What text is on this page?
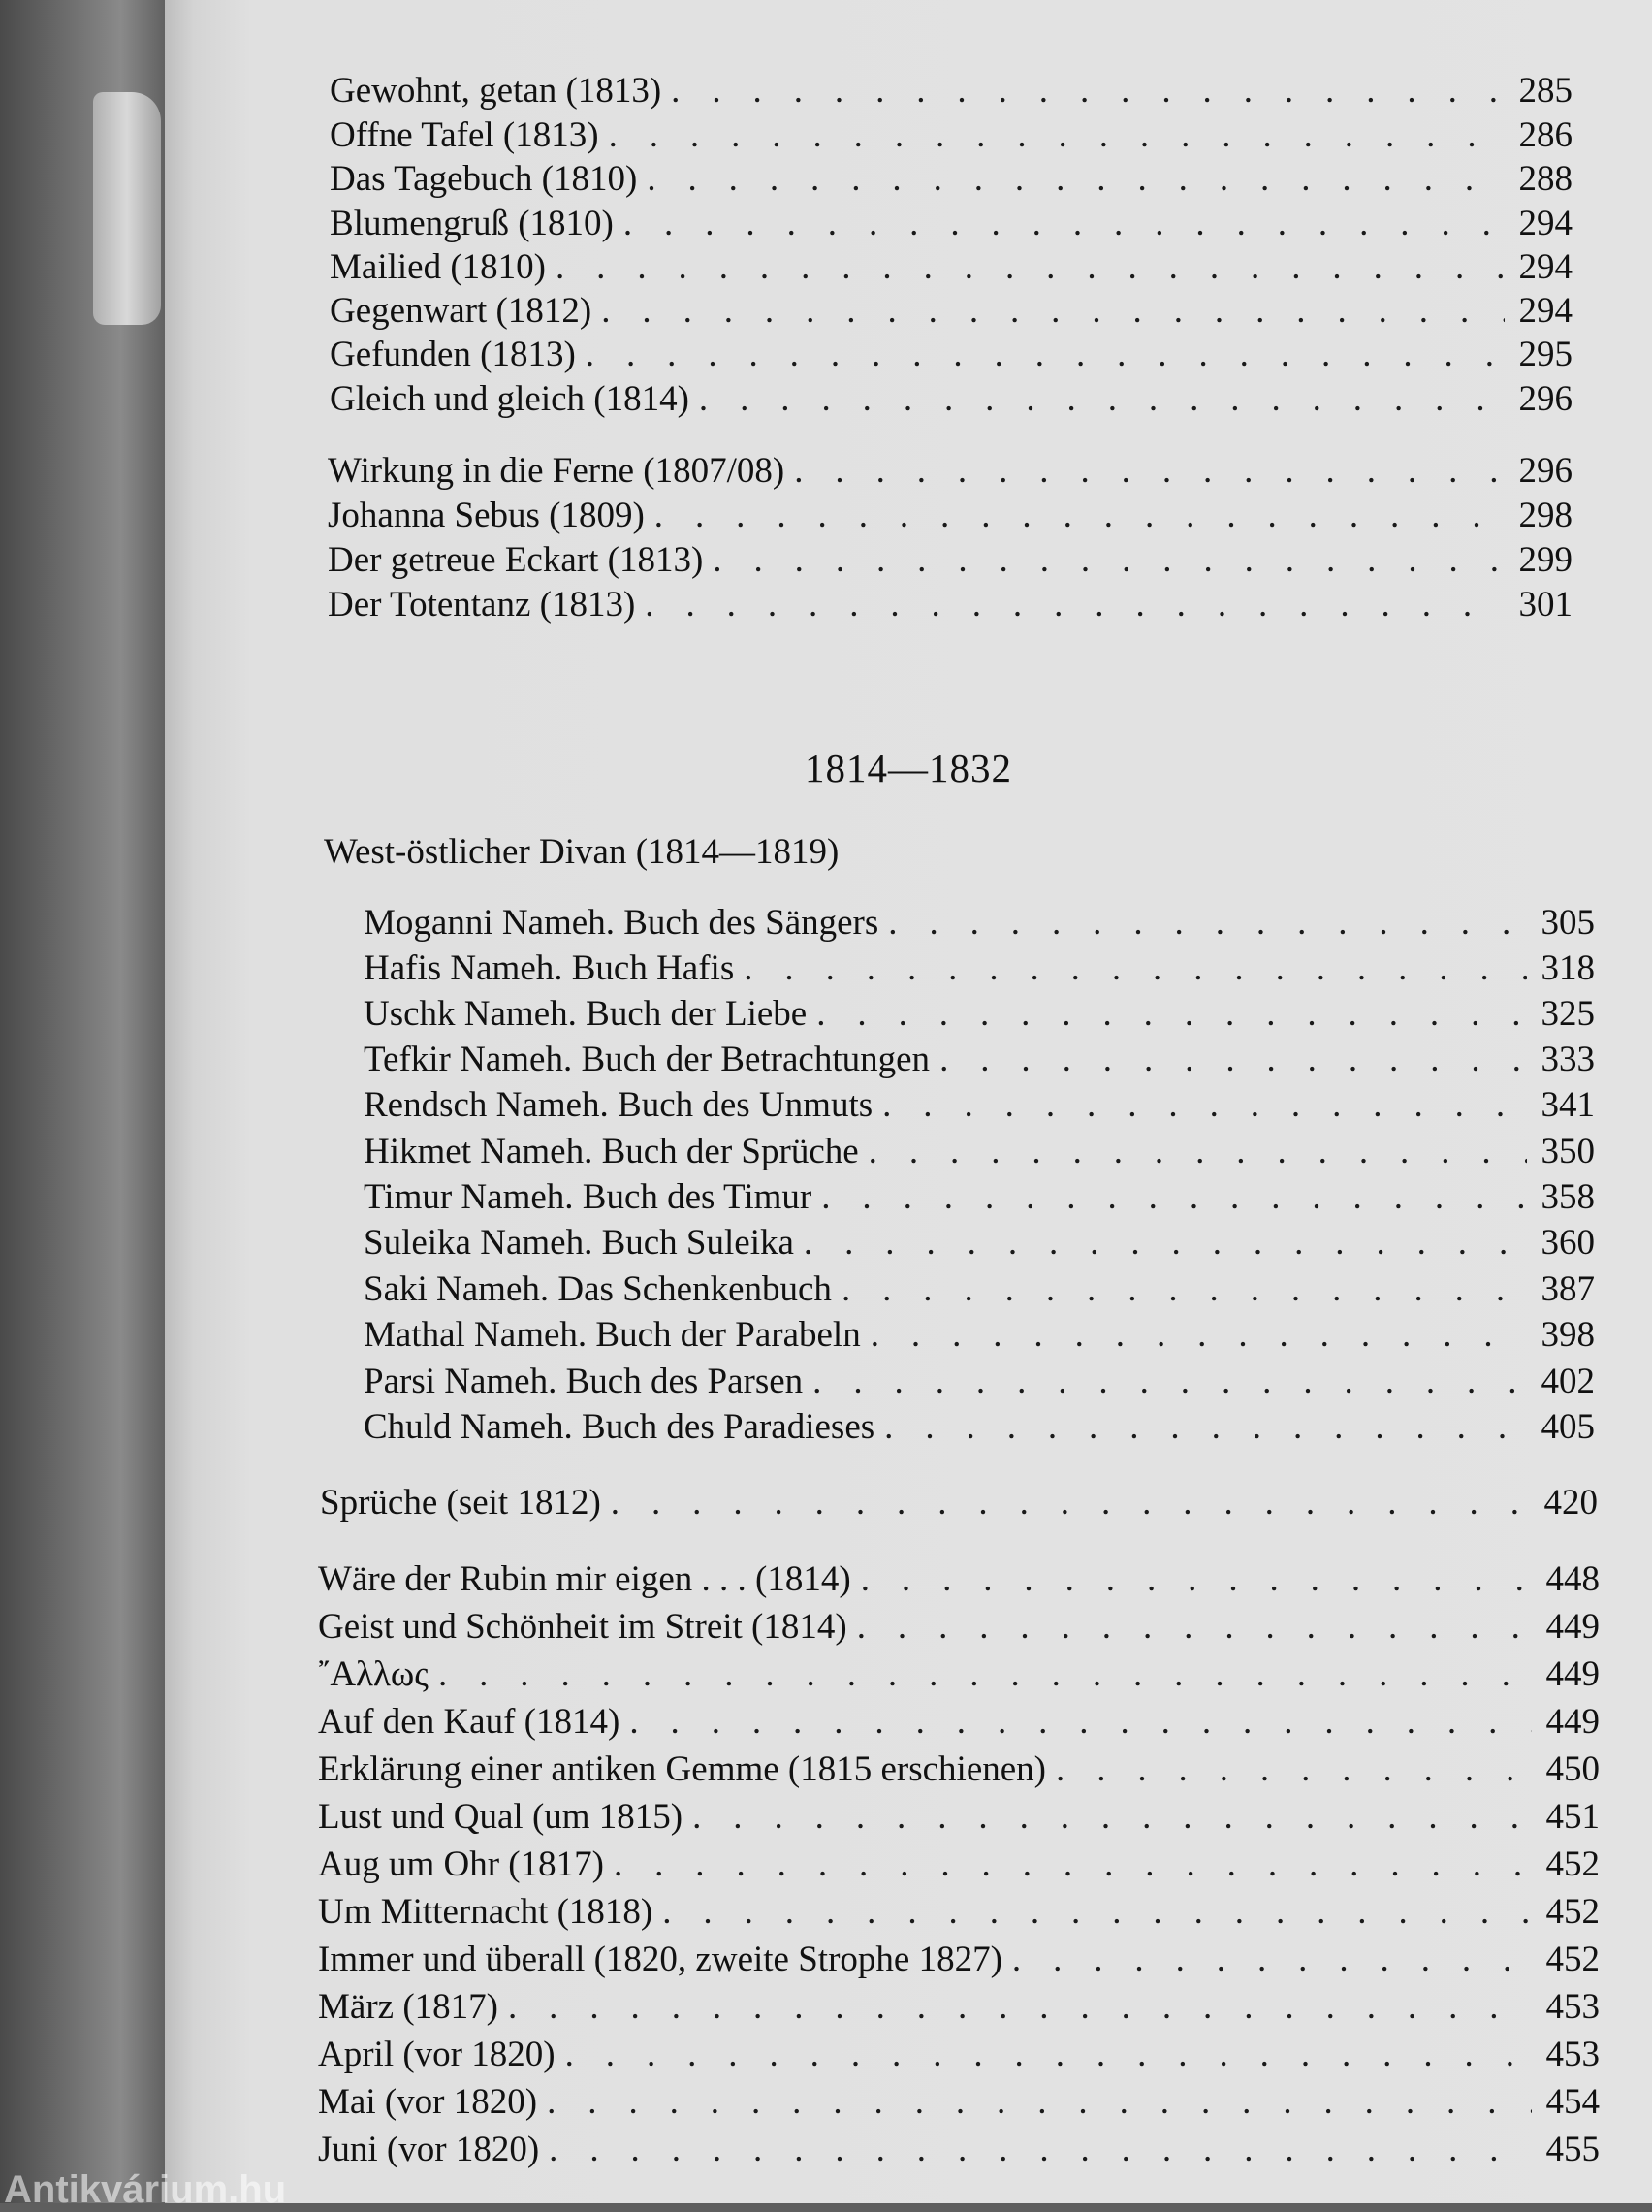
Gewohnt, getan (1813) . . .	285
Offne Tafel (1813) . . .	286
Das Tagebuch (1810) . . .	288
Blumengruß (1810) . . .	294
Mailied (1810) . . .	294
Gegenwart (1812) . . .	294
Gefunden (1813) . . .	295
Gleich und gleich (1814) . . .	296
Wirkung in die Ferne (1807/08) . . .	296
Johanna Sebus (1809) . . .	298
Der getreue Eckart (1813) . . .	299
Der Totentanz (1813) . . .	301
1814—1832
West-östlicher Divan (1814—1819)
Moganni Nameh. Buch des Sängers . . .	305
Hafis Nameh. Buch Hafis . . .	318
Uschk Nameh. Buch der Liebe . . .	325
Tefkir Nameh. Buch der Betrachtungen . . .	333
Rendsch Nameh. Buch des Unmuts . . .	341
Hikmet Nameh. Buch der Sprüche . . .	350
Timur Nameh. Buch des Timur . . .	358
Suleika Nameh. Buch Suleika . . .	360
Saki Nameh. Das Schenkenbuch . . .	387
Mathal Nameh. Buch der Parabeln . . .	398
Parsi Nameh. Buch des Parsen . . .	402
Chuld Nameh. Buch des Paradieses . . .	405
Sprüche (seit 1812) . . .	420
Wäre der Rubin mir eigen . . . (1814) . . .	448
Geist und Schönheit im Streit (1814) . . .	449
῎Αλλως . . .	449
Auf den Kauf (1814) . . .	449
Erklärung einer antiken Gemme (1815 erschienen) . . .	450
Lust und Qual (um 1815) . . .	451
Aug um Ohr (1817) . . .	452
Um Mitternacht (1818) . . .	452
Immer und überall (1820, zweite Strophe 1827) . . .	452
März (1817) . . .	453
April (vor 1820) . . .	453
Mai (vor 1820) . . .	454
Juni (vor 1820) . . .	455
Antikvárium.hu
